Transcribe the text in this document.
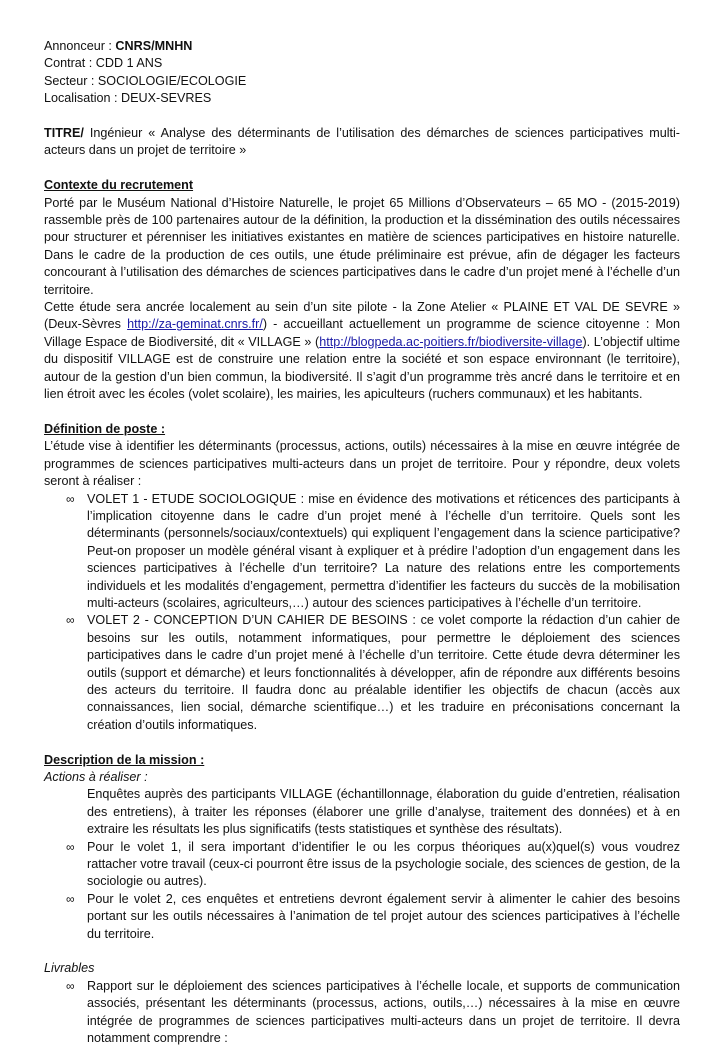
Annonceur : CNRS/MNHN

Contrat : CDD 1 ANS

Secteur : SOCIOLOGIE/ECOLOGIE

Localisation : DEUX-SEVRES

TITRE/ Ingénieur « Analyse des déterminants de l’utilisation des démarches de sciences participatives multi-acteurs dans un projet de territoire »

Contexte du recrutement

Porté par le Muséum National d’Histoire Naturelle, le projet 65 Millions d’Observateurs – 65 MO - (2015-2019) rassemble près de 100 partenaires autour de la définition, la production et la dissémination des outils nécessaires pour structurer et pérenniser les initiatives existantes en matière de sciences participatives en histoire naturelle. Dans le cadre de la production de ces outils, une étude préliminaire est prévue, afin de dégager les facteurs concourant à l’utilisation des démarches de sciences participatives dans le cadre d’un projet mené à l’échelle d’un territoire.

Cette étude sera ancrée localement au sein d’un site pilote - la Zone Atelier « PLAINE ET VAL DE SEVRE » (Deux-Sèvres http://za-geminat.cnrs.fr/) - accueillant actuellement un programme de science citoyenne : Mon Village Espace de Biodiversité, dit « VILLAGE » (http://blogpeda.ac-poitiers.fr/biodiversite-village). L’objectif ultime du dispositif VILLAGE est de construire une relation entre la société et son espace environnant (le territoire), autour de la gestion d’un bien commun, la biodiversité. Il s’agit d’un programme très ancré dans le territoire et en lien étroit avec les écoles (volet scolaire), les mairies, les apiculteurs (ruchers communaux) et les habitants.

Définition de poste :

L’étude vise à identifier les déterminants (processus, actions, outils) nécessaires à la mise en œuvre intégrée de programmes de sciences participatives multi-acteurs dans un projet de territoire. Pour y répondre, deux volets seront à réaliser :

∞ VOLET 1 - ETUDE SOCIOLOGIQUE : mise en évidence des motivations et réticences des participants à l’implication citoyenne dans le cadre d’un projet mené à l’échelle d’un territoire. Quels sont les déterminants (personnels/sociaux/contextuels) qui expliquent l’engagement dans la science participative? Peut-on proposer un modèle général visant à expliquer et à prédire l’adoption d’un engagement dans les sciences participatives à l’échelle d’un territoire? La nature des relations entre les comportements individuels et les modalités d’engagement, permettra d’identifier les facteurs du succès de la mobilisation multi-acteurs (scolaires, agriculteurs,…) autour des sciences participatives à l’échelle d’un territoire.
∞ VOLET 2 - CONCEPTION D’UN CAHIER DE BESOINS : ce volet comporte la rédaction d’un cahier de besoins sur les outils, notamment informatiques, pour permettre le déploiement des sciences participatives dans le cadre d’un projet mené à l’échelle d’un territoire. Cette étude devra déterminer les outils (support et démarche) et leurs fonctionnalités à développer, afin de répondre aux différents besoins des acteurs du territoire. Il faudra donc au préalable identifier les objectifs de chacun (accès aux connaissances, lien social, démarche scientifique…) et les traduire en préconisations concernant la création d’outils informatiques.

Description de la mission :

Actions à réaliser :

Enquêtes auprès des participants VILLAGE (échantillonnage, élaboration du guide d’entretien, réalisation des entretiens), à traiter les réponses (élaborer une grille d’analyse, traitement des données) et à en extraire les résultats les plus significatifs (tests statistiques et synthèse des résultats).

∞ Pour le volet 1, il sera important d’identifier le ou les corpus théoriques au(x)quel(s) vous voudrez rattacher votre travail (ceux-ci pourront être issus de la psychologie sociale, des sciences de gestion, de la sociologie ou autres).
∞ Pour le volet 2, ces enquêtes et entretiens devront également servir à alimenter le cahier des besoins portant sur les outils nécessaires à l’animation de tel projet autour des sciences participatives à l’échelle du territoire.

Livrables

∞ Rapport sur le déploiement des sciences participatives à l’échelle locale, et supports de communication associés, présentant les déterminants (processus, actions, outils,…) nécessaires à la mise en œuvre intégrée de programmes de sciences participatives multi-acteurs dans un projet de territoire. Il devra notamment comprendre :
